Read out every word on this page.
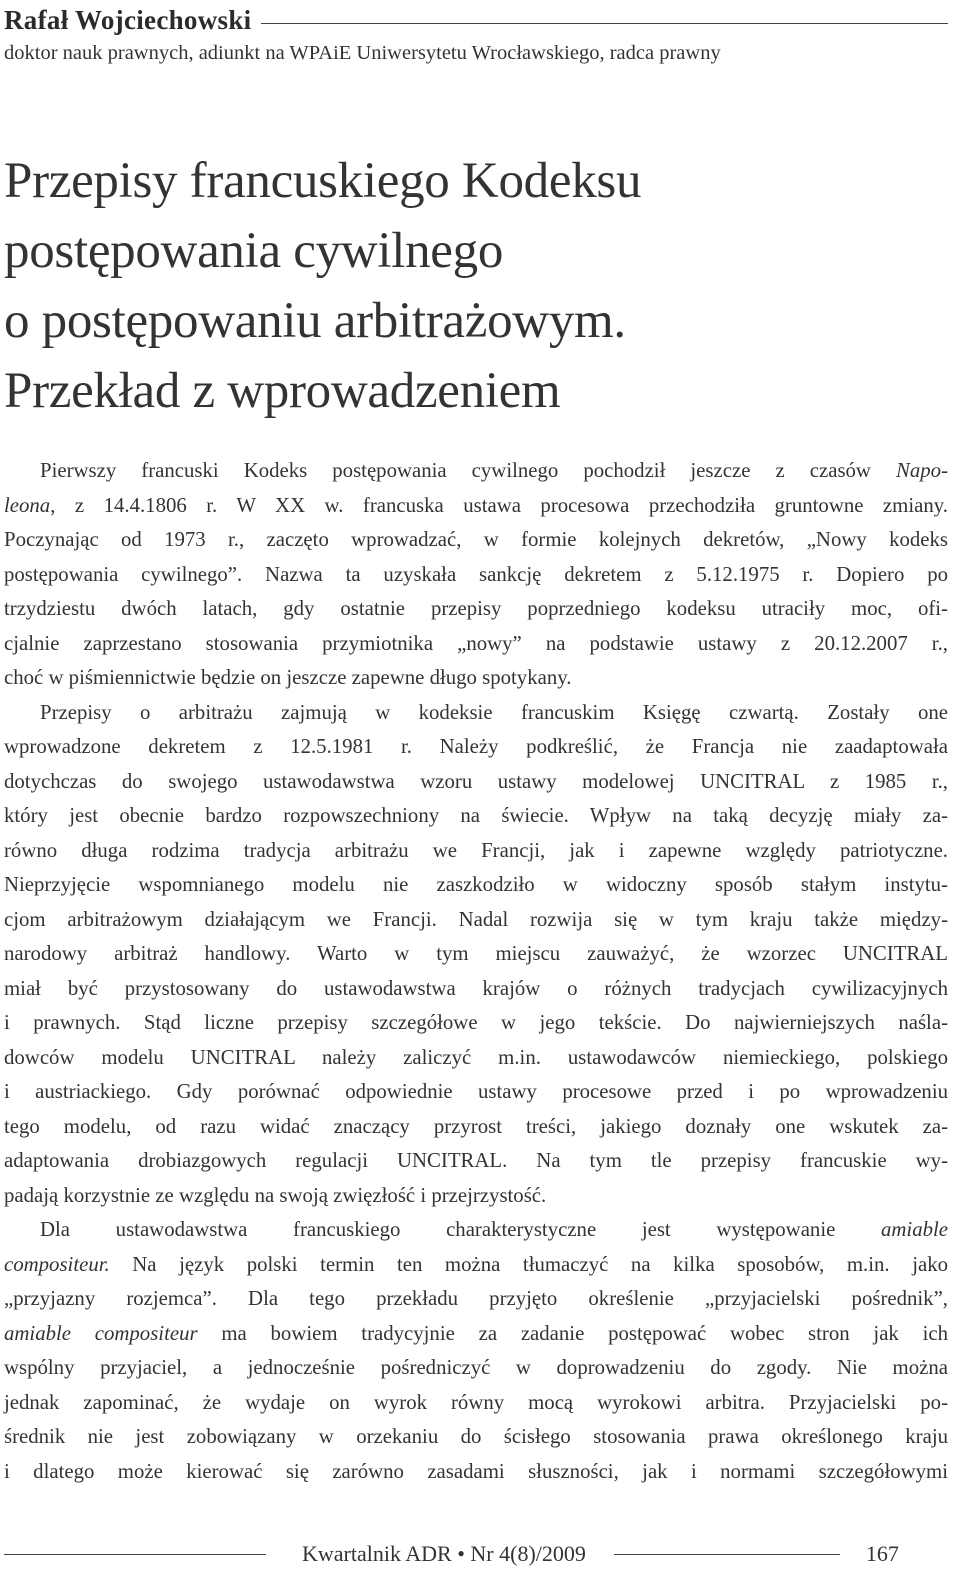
Rafał Wojciechowski
doktor nauk prawnych, adiunkt na WPAiE Uniwersytetu Wrocławskiego, radca prawny
Przepisy francuskiego Kodeksu
postępowania cywilnego
o postępowaniu arbitrażowym.
Przekład z wprowadzeniem
Pierwszy francuski Kodeks postępowania cywilnego pochodził jeszcze z czasów Napo-
leona, z 14.4.1806 r. W XX w. francuska ustawa procesowa przechodziła gruntowne zmiany.
Poczynając od 1973 r., zaczęto wprowadzać, w formie kolejnych dekretów, „Nowy kodeks
postępowania cywilnego”. Nazwa ta uzyskała sankcję dekretem z 5.12.1975 r. Dopiero po
trzydziestu dwóch latach, gdy ostatnie przepisy poprzedniego kodeksu utraciły moc, ofi-
cjalnie zaprzestano stosowania przymiotnika „nowy” na podstawie ustawy z 20.12.2007 r.,
choć w piśmiennictwie będzie on jeszcze zapewne długo spotykany.
Przepisy o arbitrażu zajmują w kodeksie francuskim Księgę czwartą. Zostały one
wprowadzone dekretem z 12.5.1981 r. Należy podkreślić, że Francja nie zaadaptowała
dotychczas do swojego ustawodawstwa wzoru ustawy modelowej UNCITRAL z 1985 r.,
który jest obecnie bardzo rozpowszechniony na świecie. Wpływ na taką decyzję miały za-
równo długa rodzima tradycja arbitrażu we Francji, jak i zapewne względy patriotyczne.
Nieprzyjęcie wspomnianego modelu nie zaszkodziło w widoczny sposób stałym instytu-
cjom arbitrażowym działającym we Francji. Nadal rozwija się w tym kraju także między-
narodowy arbitraż handlowy. Warto w tym miejscu zauważyć, że wzorzec UNCITRAL
miał być przystosowany do ustawodawstwa krajów o różnych tradycjach cywilizacyjnych
i prawnych. Stąd liczne przepisy szczegółowe w jego tekście. Do najwierniejszych naśla-
dowców modelu UNCITRAL należy zaliczyć m.in. ustawodawców niemieckiego, polskiego
i austriackiego. Gdy porównać odpowiednie ustawy procesowe przed i po wprowadzeniu
tego modelu, od razu widać znaczący przyrost treści, jakiego doznały one wskutek za-
adaptowania drobiazgowych regulacji UNCITRAL. Na tym tle przepisy francuskie wy-
padają korzystnie ze względu na swoją zwięzłość i przejrzystość.
Dla ustawodawstwa francuskiego charakterystyczne jest występowanie amiable
compositeur. Na język polski termin ten można tłumaczyć na kilka sposobów, m.in. jako
„przyjazny rozjemca”. Dla tego przekładu przyjęto określenie „przyjacielski pośrednik”,
amiable compositeur ma bowiem tradycyjnie za zadanie postępować wobec stron jak ich
wspólny przyjaciel, a jednocześnie pośredniczyć w doprowadzeniu do zgody. Nie można
jednak zapominać, że wydaje on wyrok równy mocą wyrokowi arbitra. Przyjacielski po-
średnik nie jest zobowiązany w orzekaniu do ścisłego stosowania prawa określonego kraju
i dlatego może kierować się zarówno zasadami słuszności, jak i normami szczegółowymi
Kwartalnik ADR • Nr 4(8)/2009	167
